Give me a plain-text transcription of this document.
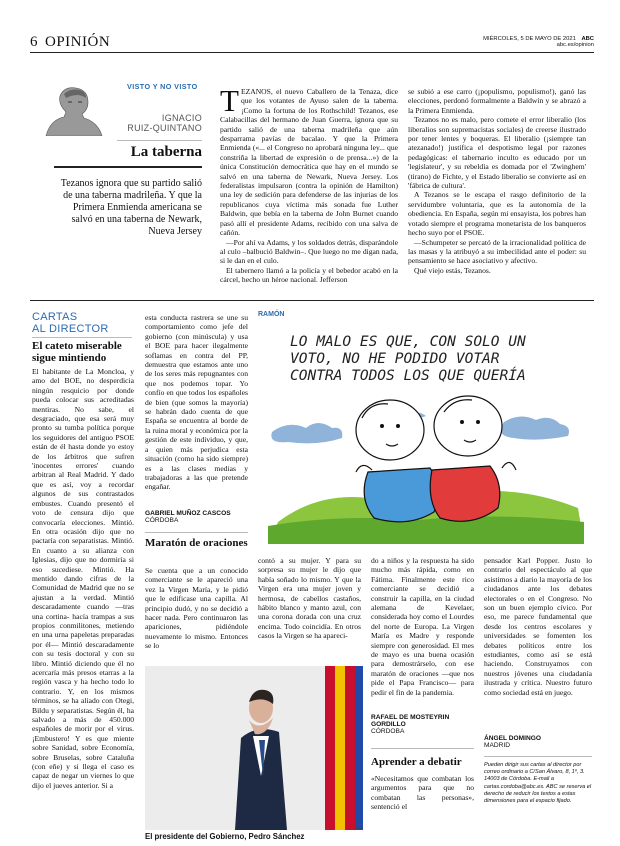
6 OPINIÓN	MIÉRCOLES, 5 DE MAYO DE 2021 ABC
abc.es/opinion
VISTO Y NO VISTO
IGNACIO
RUIZ-QUINTANO
La taberna
Tezanos ignora que su partido salió de una taberna madrileña. Y que la Primera Enmienda americana se salvó en una taberna de Newark, Nueva Jersey
TEZANOS, el nuevo Caballero de la Tenaza, dice que los votantes de Ayuso salen de la taberna. ¡Como la fortuna de los Rothschild! Tezanos, ese Calabacillas del hermano de Juan Guerra, ignora que su partido salió de una taberna madrileña que aún desparrama pavías de bacalao. Y que la Primera Enmienda («... el Congreso no aprobará ninguna ley... que constriña la libertad de expresión o de prensa...») de la única Constitución democrática que hay en el mundo se salvó en una taberna de Newark, Nueva Jersey. Los federalistas impulsaron (contra la opinión de Hamilton) una ley de sedición para defenderse de las injurias de los republicanos cuya víctima más sonada fue Luther Baldwin, que bebía en la taberna de John Burnet cuando pasó allí el presidente Adams, recibido con una salva de cañón.

—Por ahí va Adams, y los soldados detrás, disparándole al culo –balbució Baldwin–. Que luego no me digan nada, si le dan en el culo.

El tabernero llamó a la policía y el bebedor acabó en la cárcel, hecho un héroe nacional. Jefferson

se subió a ese carro (¡populismo, populismo!), ganó las elecciones, perdonó formalmente a Baldwin y se abrazó a la Primera Enmienda.

Tezanos no es malo, pero comete el error liberalio (los liberalios son supremacistas sociales) de creerse ilustrado por tener lentes y boqueras. El liberalio (¡siempre tan atezanado!) justifica el despotismo legal por razones pedagógicas: el tabernario inculto es educado por un 'legislateur', y su rebeldía es domada por el 'Zwinghem' (tirano) de Fichte, y el Estado liberalio se convierte así en 'fábrica de cultura'.

A Tezanos se le escapa el rasgo definitorio de la servidumbre voluntaria, que es la autonomía de la obediencia. En España, según mi ensayista, los pobres han votado siempre el programa monetarista de los banqueros hecho suyo por el PSOE.

—Schumpeter se percató de la irracionalidad política de las masas y la atribuyó a su imbecilidad ante el poder: su pensamiento se hace asociativo y afectivo.

Qué viejo estás, Tezanos.

CARTAS
AL DIRECTOR
El cateto miserable sigue mintiendo
El habitante de La Moncloa, y amo del BOE, no desperdicia ningún resquicio por donde pueda colocar sus acreditadas mentiras. No sabe, el desgraciado, que esa será muy pronto su tumba política porque los seguidores del antiguo PSOE están de él hasta donde yo estoy de los árbitros que sufren 'inocentes errores' cuando arbitran al Real Madrid. Y dado que es así, voy a recordar algunos de sus contrastados embustes. Cuando presentó el voto de censura dijo que convocaría elecciones. Mintió. En otra ocasión dijo que no pactaría con separatistas. Mintió. En cuanto a su alianza con Iglesias, dijo que no dormiría si eso sucediese. Mintió. Ha mentido dando cifras de la Comunidad de Madrid que no se ajustan a la verdad. Mintió descaradamente cuando —tras una cortina- hacía trampas a sus propios conmilitones, metiendo en una urna papeletas preparadas por él— Mintió descaradamente con su tesis doctoral y con su libro. Mintió diciendo que él no acercaría más presos etarras a la región vasca y ha hecho todo lo contrario. Y, en los mismos términos, se ha aliado con Otegi, Bildu y separatistas. Según él, ha salvado a más de 450.000 españoles de morir por el virus. ¡Embustero! Y es que miente sobre Sanidad, sobre Economía, sobre Bruselas, sobre Cataluña (con eñe) y si llega el caso es capaz de negar un viernes lo que dijo el jueves anterior. Si a
esta conducta rastrera se une su comportamiento como jefe del gobierno (con minúscula) y usa el BOE para hacer ilegalmente soflamas en contra del PP, demuestra que estamos ante uno de los seres más repugnantes con que nos podemos topar. Yo confío en que todos los españoles de bien (que somos la mayoría) se habrán dado cuenta de que España se encuentra al borde de la ruina moral y económica por la gestión de este individuo, y que, a quien más perjudica esta situación (como ha sido siempre) es a las clases medias y trabajadoras a las que pretende engañar.
GABRIEL MUÑOZ CASCOS
CÓRDOBA
Maratón de oraciones
Se cuenta que a un conocido comerciante se le apareció una vez la Virgen María, y le pidió que le edificase una capilla. Al principio dudó, y no se decidió a hacer nada. Pero continuaron las apariciones, pidiéndole nuevamente lo mismo. Entonces se lo
contó a su mujer. Y para su sorpresa su mujer le dijo que había soñado lo mismo. Y que la Virgen era una mujer joven y hermosa, de cabellos castaños, hábito blanco y manto azul, con una corona dorada con una cruz encima. Todo coincidía. En otros casos la Virgen se ha apareci-
RAMÓN
LO MALO ES QUE, CON SOLO UN
VOTO, NO HE PODIDO VOTAR
CONTRA TODOS LOS QUE QUERÍA
do a niños y la respuesta ha sido mucho más rápida, como en Fátima. Finalmente este rico comerciante se decidió a construir la capilla, en la ciudad alemana de Kevelaer, considerada hoy como el Lourdes del norte de Europa. La Virgen María es Madre y responde siempre con generosidad. El mes de mayo es una buena ocasión para demostrárselo, con ese maratón de oraciones —que nos pide el Papa Francisco— para pedir el fin de la pandemia.
RAFAEL DE MOSTEYRIN GORDILLO
CÓRDOBA
Aprender a debatir
«Necesitamos que combatan los argumentos para que no combatan las personas», sentenció el
pensador Karl Popper. Justo lo contrario del espectáculo al que asistimos a diario la mayoría de los ciudadanos ante los debates electorales o en el Congreso. No son un buen ejemplo cívico. Por eso, me parece fundamental que desde los centros escolares y universidades se fomenten los debates políticos entre los estudiantes, como así se está haciendo. Construyamos con nuestros jóvenes una ciudadanía ilustrada y crítica. Nuestro futuro como sociedad está en juego.
ÁNGEL DOMINGO
MADRID
Pueden dirigir sus cartas al director por correo ordinario a C/San Álvaro, 8, 1º, 3. 14003 de Córdoba. E-mail a cartas.cordoba@abc.es. ABC se reserva el derecho de reducir los textos a estas dimensiones para el espacio fijado.
El presidente del Gobierno, Pedro Sánchez
EP
